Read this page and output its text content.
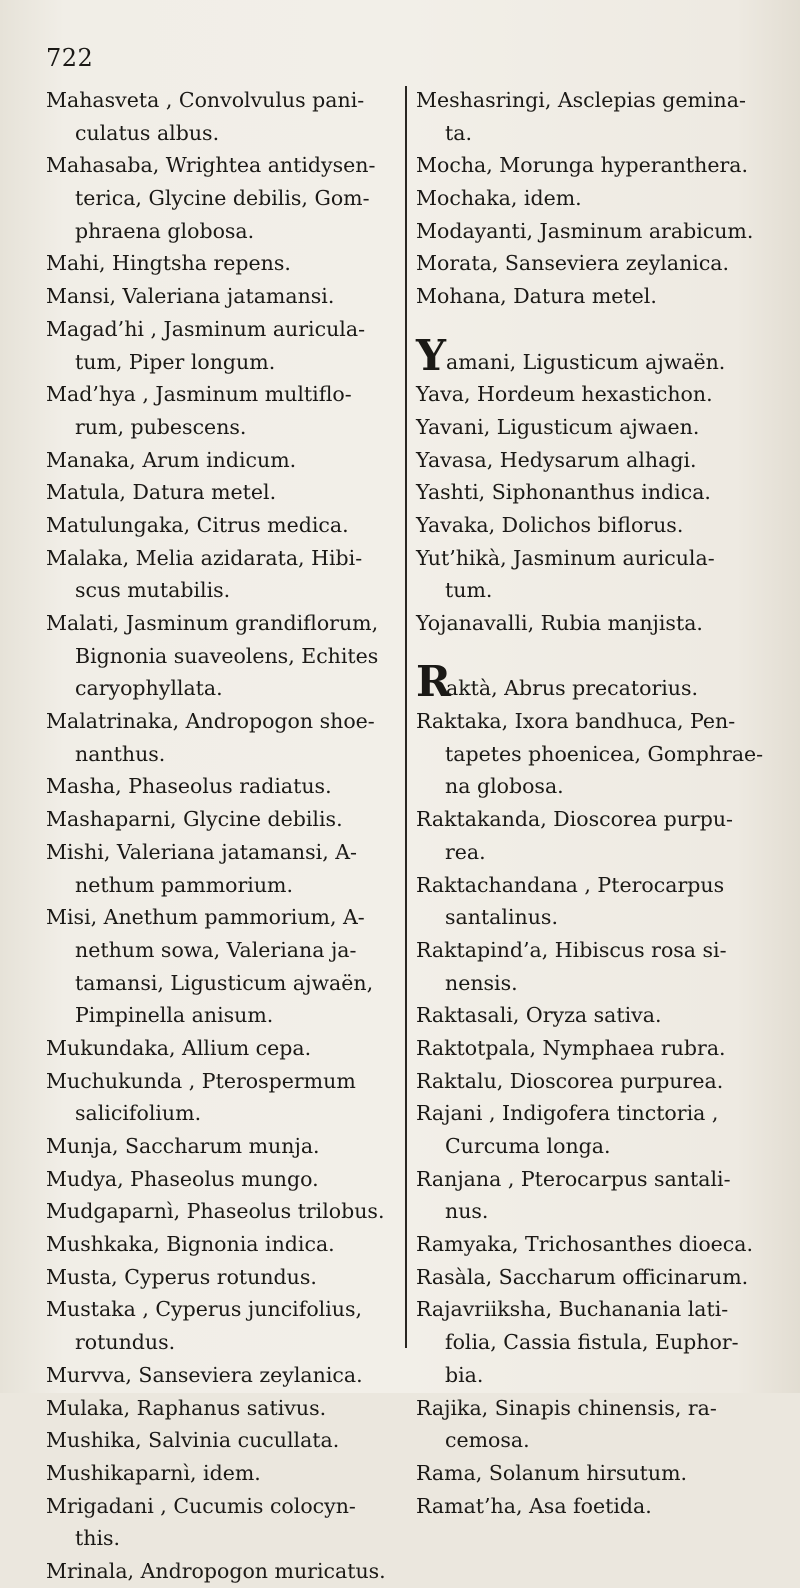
722
Mahasveta , Convolvulus pani-
culatus albus.
Mahasaba, Wrightea antidysen-
terica, Glycine debilis, Gom-
phraena globosa.
Mahi, Hingtsha repens.
Mansi, Valeriana jatamansi.
Magad’hi , Jasminum auricula-
tum, Piper longum.
Mad’hya , Jasminum multiflo-
rum, pubescens.
Manaka, Arum indicum.
Matula, Datura metel.
Matulungaka, Citrus medica.
Malaka, Melia azidarata, Hibi-
scus mutabilis.
Malati, Jasminum grandiflorum,
Bignonia suaveolens, Echites
caryophyllata.
Malatrinaka, Andropogon shoe-
nanthus.
Masha, Phaseolus radiatus.
Mashaparni, Glycine debilis.
Mishi, Valeriana jatamansi, A-
nethum pammorium.
Misi, Anethum pammorium, A-
nethum sowa, Valeriana ja-
tamansi, Ligusticum ajwaën,
Pimpinella anisum.
Mukundaka, Allium cepa.
Muchukunda , Pterospermum
salicifolium.
Munja, Saccharum munja.
Mudya, Phaseolus mungo.
Mudgaparnì, Phaseolus trilobus.
Mushkaka, Bignonia indica.
Musta, Cyperus rotundus.
Mustaka , Cyperus juncifolius,
rotundus.
Murvva, Sanseviera zeylanica.
Mulaka, Raphanus sativus.
Mushika, Salvinia cucullata.
Mushikaparnì, idem.
Mrigadani , Cucumis colocyn-
this.
Mrinala, Andropogon muricatus.
Meshasringi, Asclepias gemina-
ta.
Mocha, Morunga hyperanthera.
Mochaka, idem.
Modayanti, Jasminum arabicum.
Morata, Sanseviera zeylanica.
Mohana, Datura metel.
Y amani, Ligusticum ajwaën.
Yava, Hordeum hexastichon.
Yavani, Ligusticum ajwaen.
Yavasa, Hedysarum alhagi.
Yashti, Siphonanthus indica.
Yavaka, Dolichos biflorus.
Yut’hikà, Jasminum auricula-
tum.
Yojanavalli, Rubia manjista.
R
aktà, Abrus precatorius.
Raktaka, Ixora bandhuca, Pen-
tapetes phoenicea, Gomphrae-
na globosa.
Raktakanda, Dioscorea purpu-
rea.
Raktachandana , Pterocarpus
santalinus.
Raktapind’a, Hibiscus rosa si-
nensis.
Raktasali, Oryza sativa.
Raktotpala, Nymphaea rubra.
Raktalu, Dioscorea purpurea.
Rajani , Indigofera tinctoria ,
Curcuma longa.
Ranjana , Pterocarpus santali-
nus.
Ramyaka, Trichosanthes dioeca.
Rasàla, Saccharum officinarum.
Rajavriiksha, Buchanania lati-
folia, Cassia fistula, Euphor-
bia.
Rajika, Sinapis chinensis, ra-
cemosa.
Rama, Solanum hirsutum.
Ramat’ha, Asa foetida.
